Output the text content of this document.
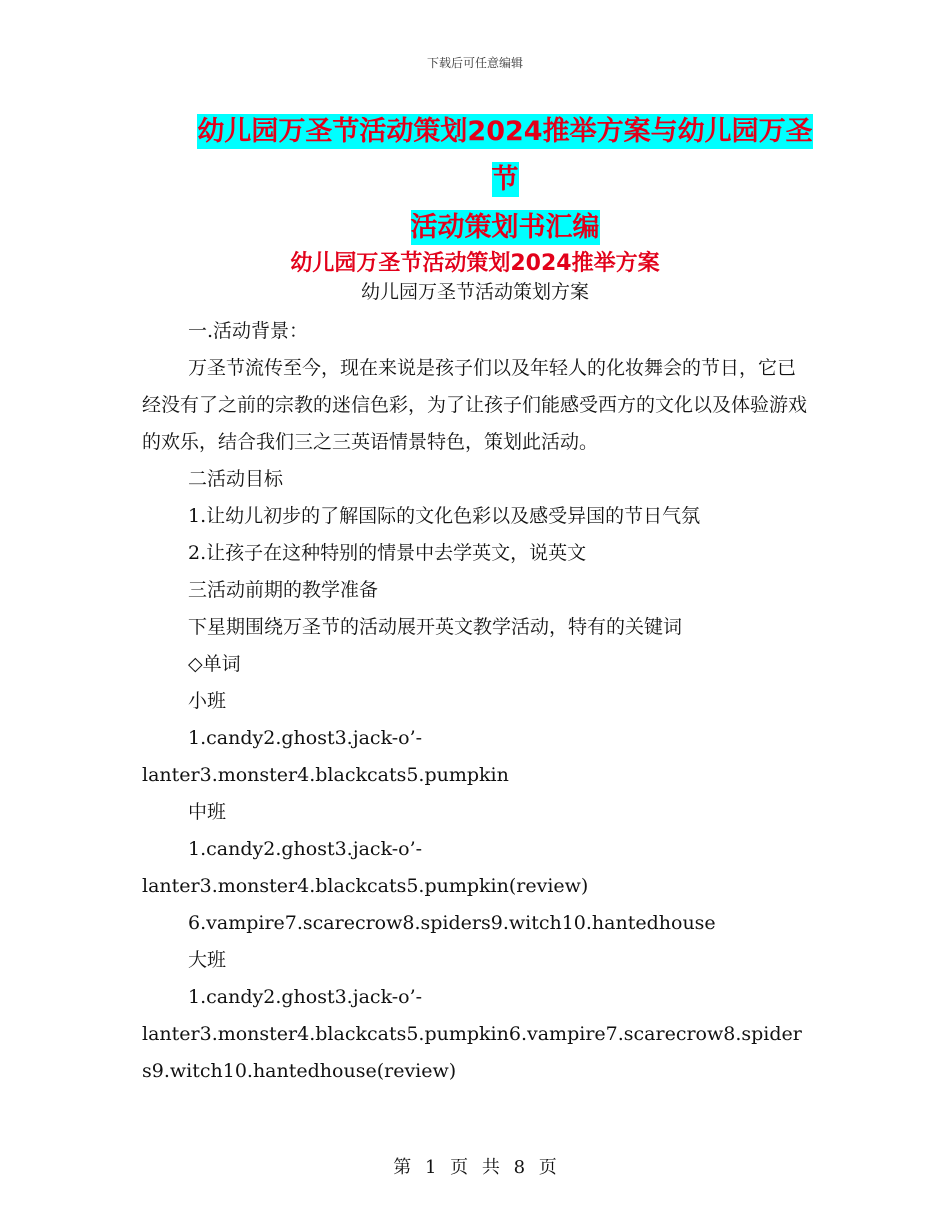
下载后可任意编辑
幼儿园万圣节活动策划2024推举方案与幼儿园万圣节
活动策划书汇编
幼儿园万圣节活动策划2024推举方案
幼儿园万圣节活动策划方案

一.活动背景：

万圣节流传至今，现在来说是孩子们以及年轻人的化妆舞会的节日，它已经没有了之前的宗教的迷信色彩，为了让孩子们能感受西方的文化以及体验游戏的欢乐，结合我们三之三英语情景特色，策划此活动。

二活动目标

1.让幼儿初步的了解国际的文化色彩以及感受异国的节日气氛

2.让孩子在这种特别的情景中去学英文，说英文

三活动前期的教学准备

下星期围绕万圣节的活动展开英文教学活动，特有的关键词

◇单词

小班

1.candy2.ghost3.jack-o’-

lanter3.monster4.blackcats5.pumpkin

中班

1.candy2.ghost3.jack-o’-

lanter3.monster4.blackcats5.pumpkin(review)

6.vampire7.scarecrow8.spiders9.witch10.hantedhouse

大班

1.candy2.ghost3.jack-o’-

lanter3.monster4.blackcats5.pumpkin6.vampire7.scarecrow8.spiders9.witch10.hantedhouse(review)

第 1 页 共 8 页
